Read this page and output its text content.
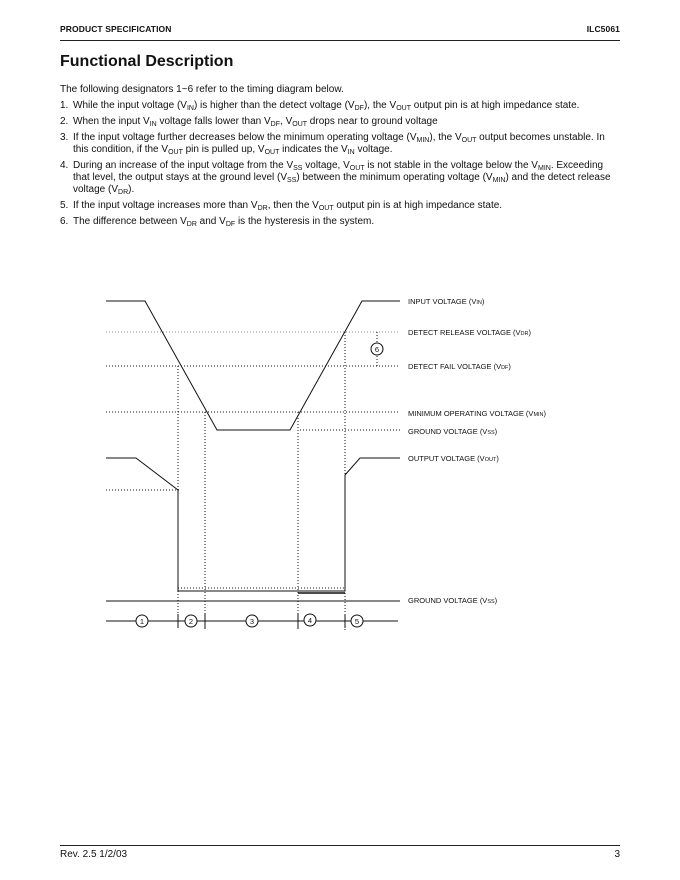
PRODUCT SPECIFICATION	ILC5061
Functional Description

The following designators 1~6 refer to the timing diagram below.

1. While the input voltage $(V_{IN})$ is higher than the detect voltage $(V_{DF})$, the $V_{OUT}$ output pin is at high impedance state.
2. When the input $V_{IN}$ voltage falls lower than $V_{DF}$, $V_{OUT}$ drops near to ground voltage
3. If the input voltage further decreases below the minimum operating voltage $(V_{MIN})$, the $V_{OUT}$ output becomes unstable. In this condition, if the $V_{OUT}$ pin is pulled up, $V_{OUT}$ indicates the $V_{IN}$ voltage.
4. During an increase of the input voltage from the $V_{SS}$ voltage, $V_{OUT}$ is not stable in the voltage below the $V_{MIN}$. Exceeding that level, the output stays at the ground level $(V_{SS})$ between the minimum operating voltage $(V_{MIN})$ and the detect release voltage $(V_{DR})$.
5. If the input voltage increases more than $V_{DR}$, then the $V_{OUT}$ output pin is at high impedance state.
6. The difference between $V_{DR}$ and $V_{DF}$ is the hysteresis in the system.
1	2	3	4	5
6
INPUT VOLTAGE (VIN)
DETECT RELEASE VOLTAGE (VDR)
DETECT FAIL VOLTAGE (VDF)
MINIMUM OPERATING VOLTAGE (VMIN)
GROUND VOLTAGE (VSS)
OUTPUT VOLTAGE (VOUT)
GROUND VOLTAGE (VSS)
Rev. 2.5 1/2/03	3
